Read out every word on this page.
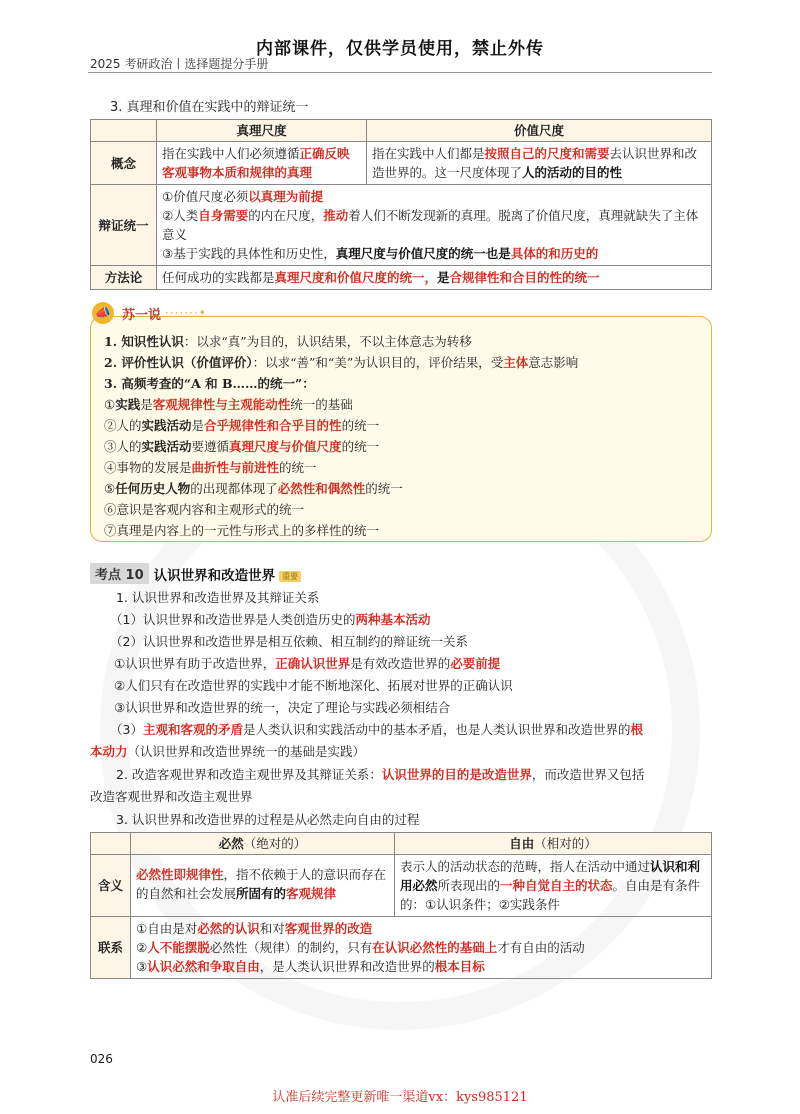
内部课件，仅供学员使用，禁止外传
2025 考研政治丨选择题提分手册
3. 真理和价值在实践中的辩证统一
	真理尺度	价值尺度
概念	指在实践中人们必须遵循正确反映客观事物本质和规律的真理	指在实践中人们都是按照自己的尺度和需要去认识世界和改造世界的。这一尺度体现了人的活动的目的性
辩证统一	①价值尺度必须以真理为前提
②人类自身需要的内在尺度，推动着人们不断发现新的真理。脱离了价值尺度，真理就缺失了主体意义
③基于实践的具体性和历史性，真理尺度与价值尺度的统一也是具体的和历史的	

方法论	任何成功的实践都是真理尺度和价值尺度的统一，是合规律性和合目的性的统一	
📣 苏一说 ·······•
1. 知识性认识：以求“真”为目的，认识结果，不以主体意志为转移
2. 评价性认识（价值评价）：以求“善”和“美”为认识目的，评价结果，受主体意志影响
3. 高频考查的“A 和 B……的统一”：
①实践是客观规律性与主观能动性统一的基础
②人的实践活动是合乎规律性和合乎目的性的统一
③人的实践活动要遵循真理尺度与价值尺度的统一
④事物的发展是曲折性与前进性的统一
⑤任何历史人物的出现都体现了必然性和偶然性的统一
⑥意识是客观内容和主观形式的统一
⑦真理是内容上的一元性与形式上的多样性的统一
考点 10 认识世界和改造世界 重要
1. 认识世界和改造世界及其辩证关系
（1）认识世界和改造世界是人类创造历史的两种基本活动
（2）认识世界和改造世界是相互依赖、相互制约的辩证统一关系
①认识世界有助于改造世界，正确认识世界是有效改造世界的必要前提
②人们只有在改造世界的实践中才能不断地深化、拓展对世界的正确认识
③认识世界和改造世界的统一，决定了理论与实践必须相结合
（3）主观和客观的矛盾是人类认识和实践活动中的基本矛盾，也是人类认识世界和改造世界的根
本动力（认识世界和改造世界统一的基础是实践）
2. 改造客观世界和改造主观世界及其辩证关系：认识世界的目的是改造世界，而改造世界又包括
改造客观世界和改造主观世界
3. 认识世界和改造世界的过程是从必然走向自由的过程
	必然（绝对的）	自由（相对的）
含义	必然性即规律性，指不依赖于人的意识而存在的自然和社会发展所固有的客观规律	表示人的活动状态的范畴，指人在活动中通过认识和利用必然所表现出的一种自觉自主的状态。自由是有条件的：①认识条件；②实践条件
联系	①自由是对必然的认识和对客观世界的改造
②人不能摆脱必然性（规律）的制约，只有在认识必然性的基础上才有自由的活动
③认识必然和争取自由，是人类认识世界和改造世界的根本目标	
026
认准后续完整更新唯一渠道vx：kys985121
